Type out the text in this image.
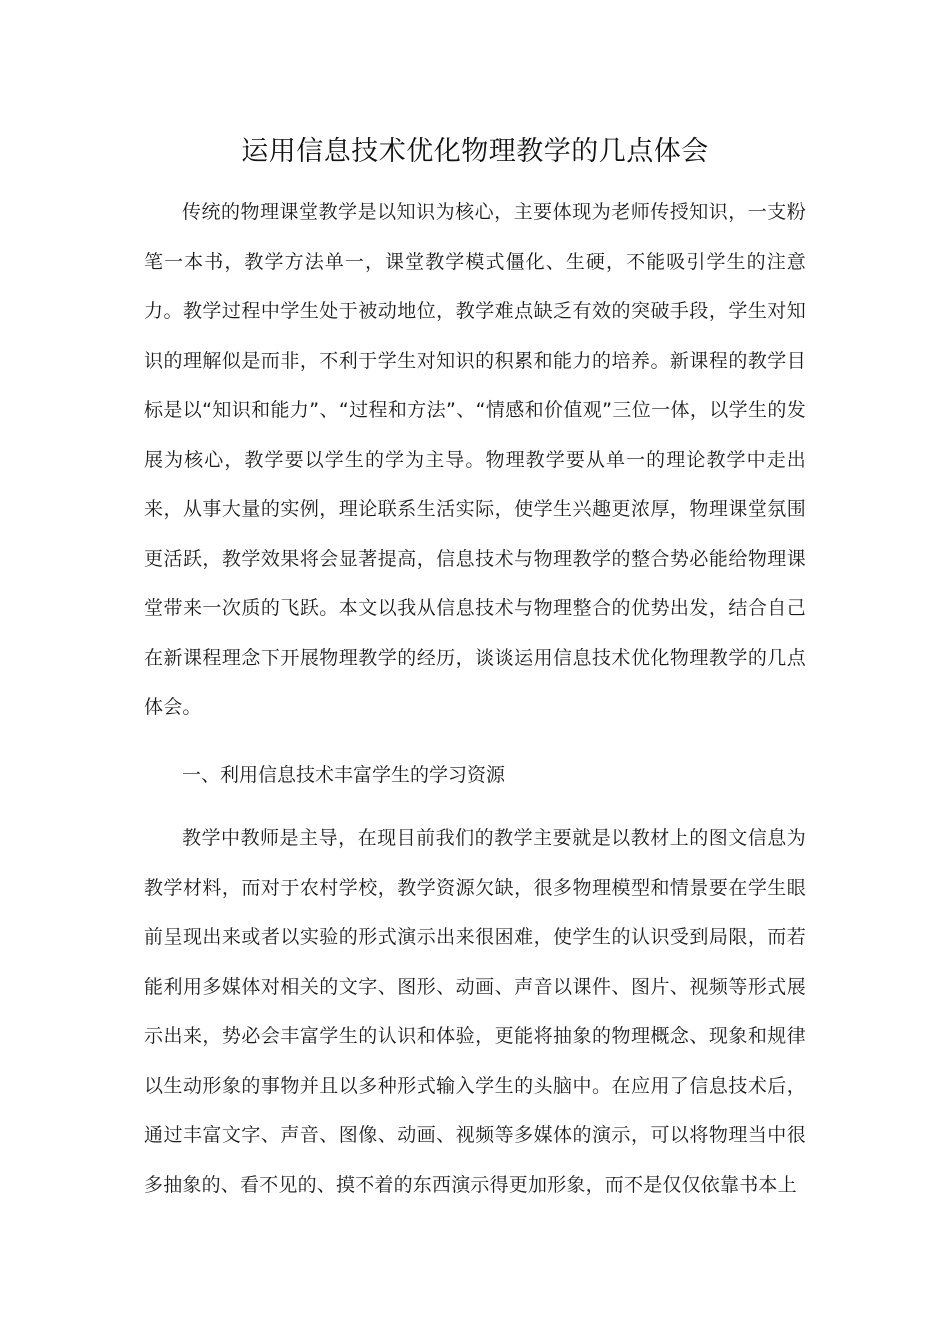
运用信息技术优化物理教学的几点体会

传统的物理课堂教学是以知识为核心，主要体现为老师传授知识，一支粉笔一本书，教学方法单一，课堂教学模式僵化、生硬，不能吸引学生的注意力。教学过程中学生处于被动地位，教学难点缺乏有效的突破手段，学生对知识的理解似是而非，不利于学生对知识的积累和能力的培养。新课程的教学目标是以“知识和能力”、“过程和方法”、“情感和价值观”三位一体，以学生的发展为核心，教学要以学生的学为主导。物理教学要从单一的理论教学中走出来，从事大量的实例，理论联系生活实际，使学生兴趣更浓厚，物理课堂氛围更活跃，教学效果将会显著提高，信息技术与物理教学的整合势必能给物理课堂带来一次质的飞跃。本文以我从信息技术与物理整合的优势出发，结合自己在新课程理念下开展物理教学的经历，谈谈运用信息技术优化物理教学的几点体会。

一、利用信息技术丰富学生的学习资源

教学中教师是主导，在现目前我们的教学主要就是以教材上的图文信息为教学材料，而对于农村学校，教学资源欠缺，很多物理模型和情景要在学生眼前呈现出来或者以实验的形式演示出来很困难，使学生的认识受到局限，而若能利用多媒体对相关的文字、图形、动画、声音以课件、图片、视频等形式展示出来，势必会丰富学生的认识和体验，更能将抽象的物理概念、现象和规律以生动形象的事物并且以多种形式输入学生的头脑中。在应用了信息技术后，通过丰富文字、声音、图像、动画、视频等多媒体的演示，可以将物理当中很多抽象的、看不见的、摸不着的东西演示得更加形象，而不是仅仅依靠书本上
